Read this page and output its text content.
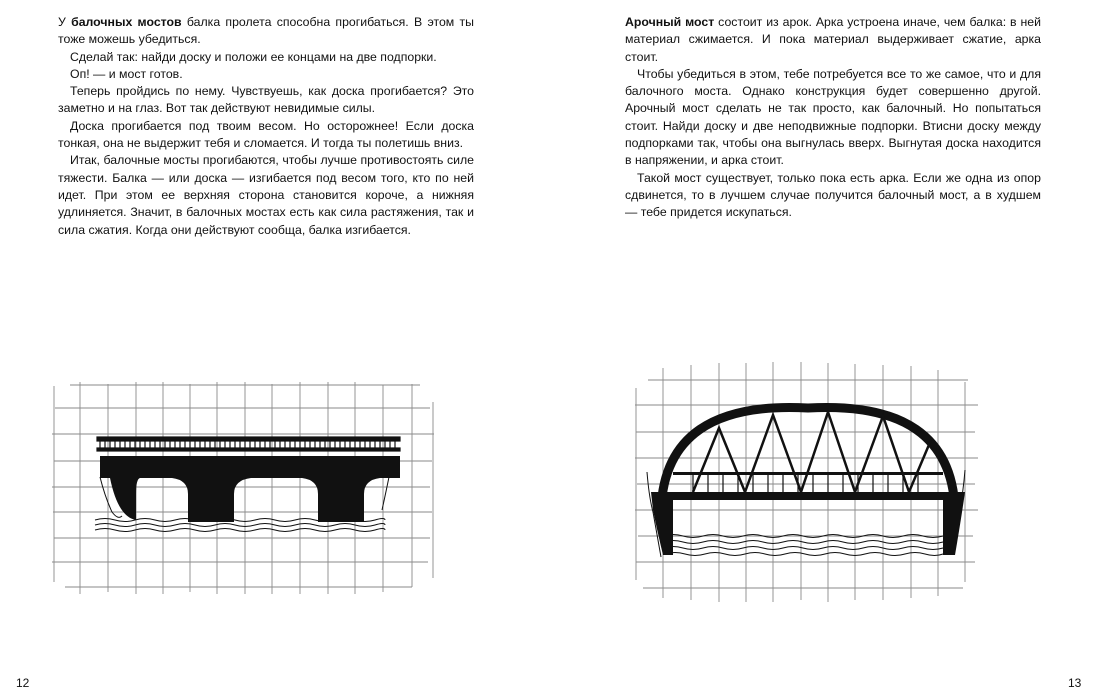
У балочных мостов балка пролета способна прогибаться. В этом ты тоже можешь убедиться.

Сделай так: найди доску и положи ее концами на две подпорки.

Оп! — и мост готов.

Теперь пройдись по нему. Чувствуешь, как доска прогибается? Это заметно и на глаз. Вот так действуют невидимые силы.

Доска прогибается под твоим весом. Но осторожнее! Если доска тонкая, она не выдержит тебя и сломается. И тогда ты полетишь вниз.

Итак, балочные мосты прогибаются, чтобы лучше противостоять силе тяжести. Балка — или доска — изгибается под весом того, кто по ней идет. При этом ее верхняя сторона становится короче, а нижняя удлиняется. Значит, в балочных мостах есть как сила растяжения, так и сила сжатия. Когда они действуют сообща, балка изгибается.

12

Арочный мост состоит из арок. Арка устроена иначе, чем балка: в ней материал сжимается. И пока материал выдерживает сжатие, арка стоит.

Чтобы убедиться в этом, тебе потребуется все то же самое, что и для балочного моста. Однако конструкция будет совершенно другой. Арочный мост сделать не так просто, как балочный. Но попытаться стоит. Найди доску и две неподвижные подпорки. Втисни доску между подпорками так, чтобы она выгнулась вверх. Выгнутая доска находится в напряжении, и арка стоит.

Такой мост существует, только пока есть арка. Если же одна из опор сдвинется, то в лучшем случае получится балочный мост, а в худшем — тебе придется искупаться.

13
